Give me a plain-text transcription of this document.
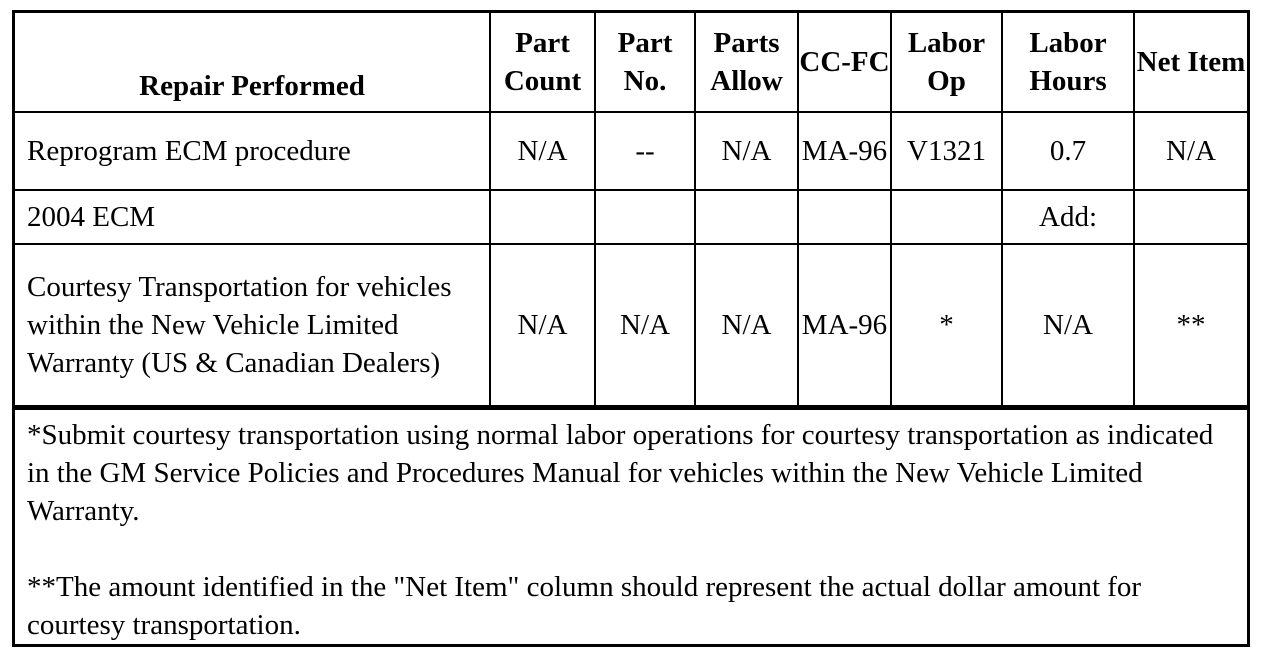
Repair Performed	Part Count	Part No.	Parts Allow	CC-FC	Labor Op	Labor Hours	Net Item
Reprogram ECM procedure	N/A	--	N/A	MA-96	V1321	0.7	N/A
2004 ECM						Add:	
Courtesy Transportation for vehicles within the New Vehicle Limited Warranty (US & Canadian Dealers)	N/A	N/A	N/A	MA-96	*	N/A	**

*Submit courtesy transportation using normal labor operations for courtesy transportation as indicated in the GM Service Policies and Procedures Manual for vehicles within the New Vehicle Limited Warranty.

**The amount identified in the "Net Item" column should represent the actual dollar amount for courtesy transportation.
